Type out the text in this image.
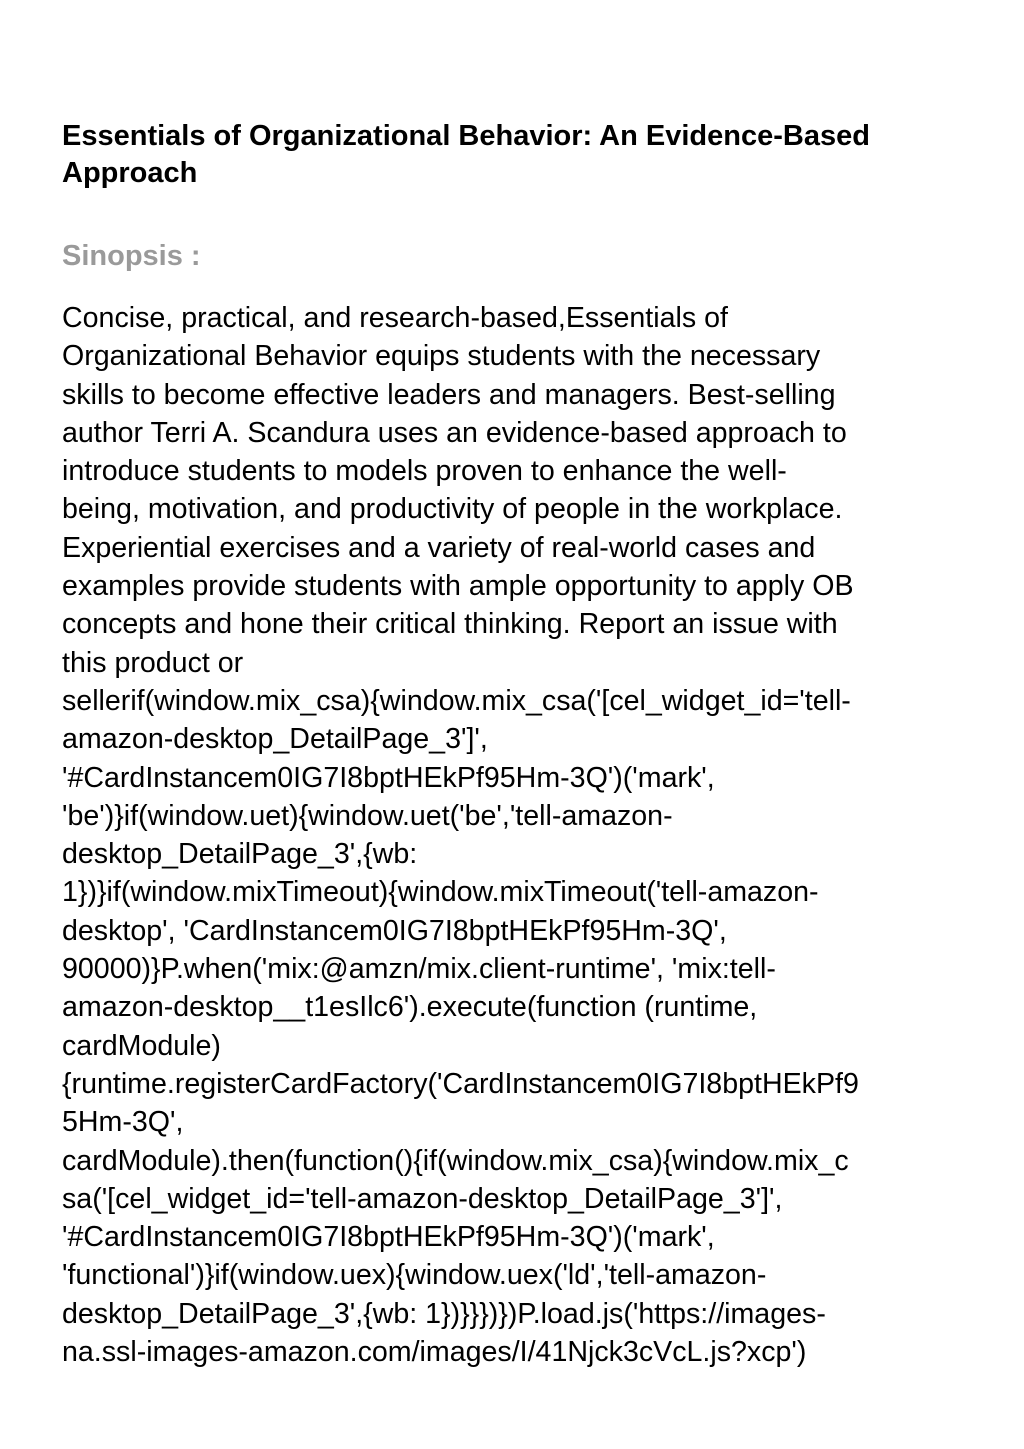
Essentials of Organizational Behavior: An Evidence-Based
Approach
Sinopsis :
Concise, practical, and research-based,Essentials of
Organizational Behavior equips students with the necessary
skills to become effective leaders and managers. Best-selling
author Terri A. Scandura uses an evidence-based approach to
introduce students to models proven to enhance the well-
being, motivation, and productivity of people in the workplace.
Experiential exercises and a variety of real-world cases and
examples provide students with ample opportunity to apply OB
concepts and hone their critical thinking. Report an issue with
this product or
sellerif(window.mix_csa){window.mix_csa('[cel_widget_id='tell-
amazon-desktop_DetailPage_3']',
'#CardInstancem0IG7I8bptHEkPf95Hm-3Q')('mark',
'be')}if(window.uet){window.uet('be','tell-amazon-
desktop_DetailPage_3',{wb:
1})}if(window.mixTimeout){window.mixTimeout('tell-amazon-
desktop', 'CardInstancem0IG7I8bptHEkPf95Hm-3Q',
90000)}P.when('mix:@amzn/mix.client-runtime', 'mix:tell-
amazon-desktop__t1esIlc6').execute(function (runtime,
cardModule)
{runtime.registerCardFactory('CardInstancem0IG7I8bptHEkPf9
5Hm-3Q',
cardModule).then(function(){if(window.mix_csa){window.mix_c
sa('[cel_widget_id='tell-amazon-desktop_DetailPage_3']',
'#CardInstancem0IG7I8bptHEkPf95Hm-3Q')('mark',
'functional')}if(window.uex){window.uex('ld','tell-amazon-
desktop_DetailPage_3',{wb: 1})}}})})P.load.js('https://images-
na.ssl-images-amazon.com/images/I/41Njck3cVcL.js?xcp')
